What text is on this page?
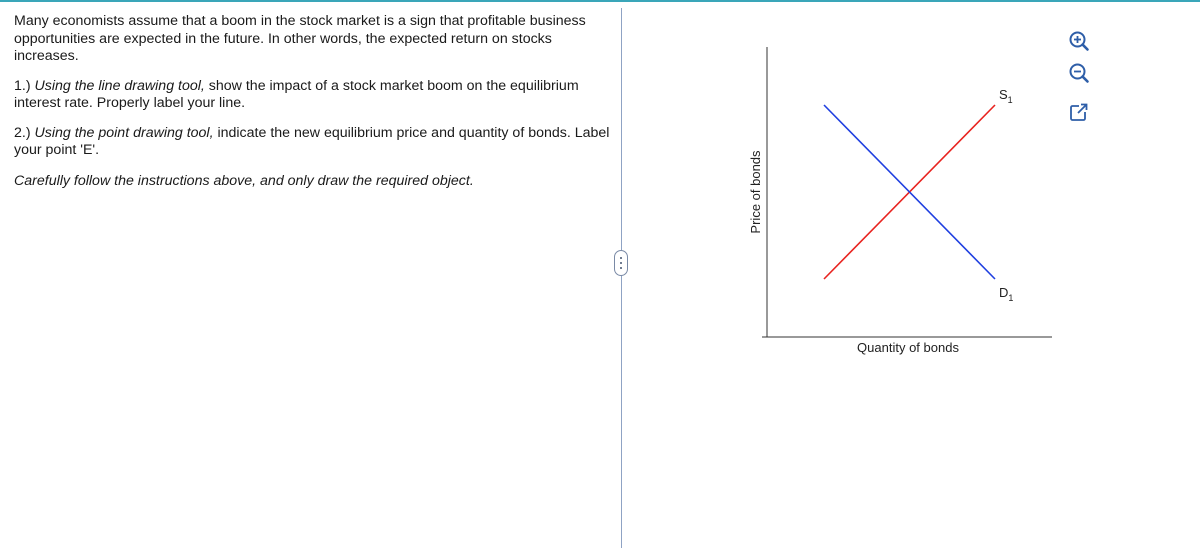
Many economists assume that a boom in the stock market is a sign that profitable business opportunities are expected in the future. In other words, the expected return on stocks increases.

1.) Using the line drawing tool, show the impact of a stock market boom on the equilibrium interest rate. Properly label your line.

2.) Using the point drawing tool, indicate the new equilibrium price and quantity of bonds. Label your point 'E'.

Carefully follow the instructions above, and only draw the required object.

$S_1$
$D_1$
Quantity of bonds
Price of bonds
